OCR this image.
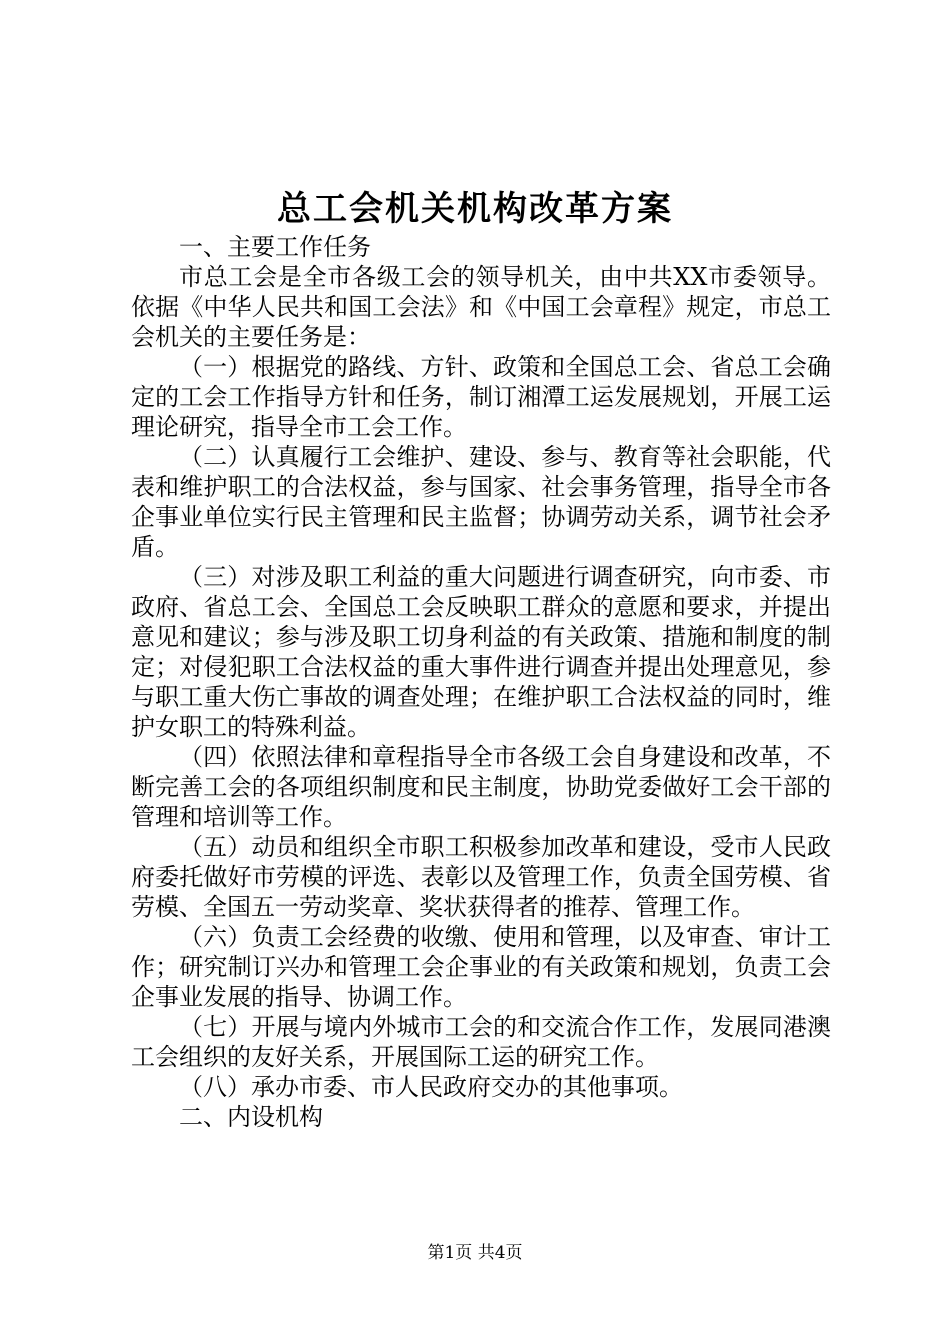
总工会机关机构改革方案

一、主要工作任务

市总工会是全市各级工会的领导机关，由中共XX市委领导。依据《中华人民共和国工会法》和《中国工会章程》规定，市总工会机关的主要任务是：

（一）根据党的路线、方针、政策和全国总工会、省总工会确定的工会工作指导方针和任务，制订湘潭工运发展规划，开展工运理论研究，指导全市工会工作。

（二）认真履行工会维护、建设、参与、教育等社会职能，代表和维护职工的合法权益，参与国家、社会事务管理，指导全市各企事业单位实行民主管理和民主监督；协调劳动关系，调节社会矛盾。

（三）对涉及职工利益的重大问题进行调查研究，向市委、市政府、省总工会、全国总工会反映职工群众的意愿和要求，并提出意见和建议；参与涉及职工切身利益的有关政策、措施和制度的制定；对侵犯职工合法权益的重大事件进行调查并提出处理意见，参与职工重大伤亡事故的调查处理；在维护职工合法权益的同时，维护女职工的特殊利益。

（四）依照法律和章程指导全市各级工会自身建设和改革，不断完善工会的各项组织制度和民主制度，协助党委做好工会干部的管理和培训等工作。

（五）动员和组织全市职工积极参加改革和建设，受市人民政府委托做好市劳模的评选、表彰以及管理工作，负责全国劳模、省劳模、全国五一劳动奖章、奖状获得者的推荐、管理工作。

（六）负责工会经费的收缴、使用和管理，以及审查、审计工作；研究制订兴办和管理工会企事业的有关政策和规划，负责工会企事业发展的指导、协调工作。

（七）开展与境内外城市工会的和交流合作工作，发展同港澳工会组织的友好关系，开展国际工运的研究工作。

（八）承办市委、市人民政府交办的其他事项。

二、内设机构

第1页 共4页
